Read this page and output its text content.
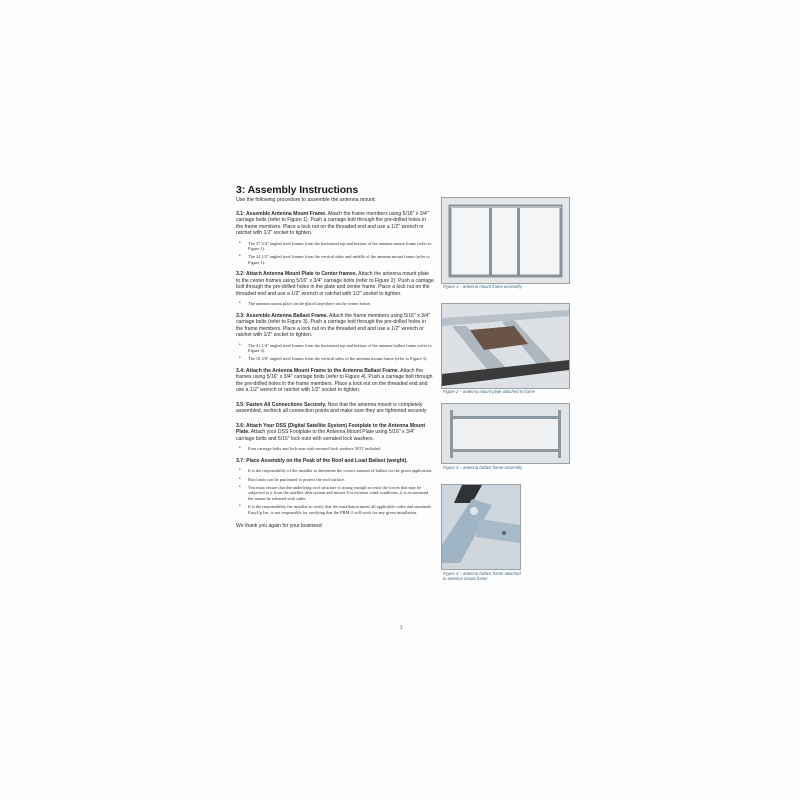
3: Assembly Instructions

Use the following procedure to assemble the antenna mount:

3.1: Assemble Antenna Mount Frame. Attach the frame members using 5/16" x 3/4" carriage bolts (refer to Figure 1). Push a carriage bolt through the pre-drilled holes in the frame members. Place a lock nut on the threaded end and use a 1/2" wrench or ratchet with 1/2" socket to tighten.

• The 37 3/4" angled steel frames form the horizontal top and bottom of the antenna mount frame (refer to Figure 1).
• The 24 1/2" angled steel frames form the vertical sides and middle of the antenna mount frame (refer to Figure 1).

3.2: Attach Antenna Mount Plate to Center frames. Attach the antenna mount plate to the center frames using 5/16" x 3/4" carriage bolts (refer to Figure 2). Push a carriage bolt through the pre-drilled holes in the plate and center frame. Place a lock nut on the threaded end and use a 1/2" wrench or ratchet with 1/2" socket to tighten.

• The antenna mount plate can be placed anywhere on the center frame.

3.3: Assemble Antenna Ballast Frame. Attach the frame members using 5/16" x 3/4" carriage bolts (refer to Figure 3). Push a carriage bolt through the pre-drilled holes in the frame members. Place a lock nut on the threaded end and use a 1/2" wrench or ratchet with 1/2" socket to tighten.

• The 41 1/4" angled steel frames form the horizontal top and bottom of the antenna ballast frame (refer to Figure 3).
• The 18 3/8" angled steel frames form the vertical sides of the antenna mount frame (refer to Figure 3).

3.4: Attach the Antenna Mount Frame to the Antenna Ballast Frame. Attach the frames using 5/16" x 3/4" carriage bolts (refer to Figure 4). Push a carriage bolt through the pre-drilled holes in the frame members. Place a lock nut on the threaded end and use a 1/2" wrench or ratchet with 1/2" socket to tighten.

3.5: Fasten All Connections Securely. Now that the antenna mount is completely assembled, recheck all connection points and make sure they are tightened securely

3.6: Attach Your DSS (Digital Satellite System) Footplate to the Antenna Mount Plate. Attach your DSS Footplate to the Antenna Mount Plate using 5/16" x 3/4" carriage bolts and 5/16" lock nuts with serrated lock washers.

• Four carriage bolts and lock nuts with serrated lock washers NOT included.

3.7: Place Assembly on the Peak of the Roof and Load Ballast (weight).

• It is the responsibility of the installer to determine the correct amount of ballast for the given application.
• Roof mats can be purchased to protect the roof surface.
• You must ensure that the underlying roof structure is strong enough to resist the forces that may be subjected to it from the satellite dish system and mount. For extreme wind conditions, it is recommend the mount be tethered with cable.
• It is the responsibility the installer to verify that the installation meets all applicable codes and standards. EasyUp Inc. is not responsible for verifying that the PRM-2 will work for any given installation.

We thank you again for your business!

3
Figure 1 – antenna mount frame assembly
Figure 2 – antenna mount plate attached to frame
Figure 3 – antenna ballast frame assembly
Figure 4 – antenna ballast frame attached to antenna mount frame
